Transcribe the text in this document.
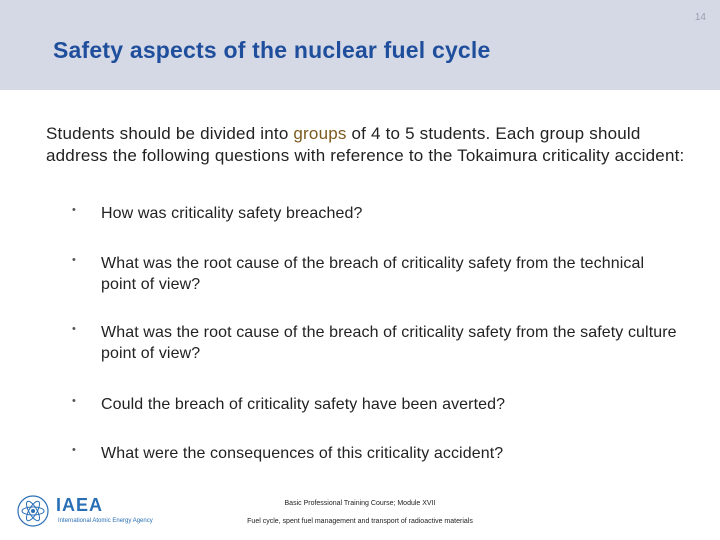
14
Safety aspects of the nuclear fuel cycle
Students should be divided into groups of 4 to 5 students. Each group should address the following questions with reference to the Tokaimura criticality accident:
• How was criticality safety breached?
• What was the root cause of the breach of criticality safety from the technical point of view?
• What was the root cause of the breach of criticality safety from the safety culture point of view?
• Could the breach of criticality safety have been averted?
• What were the consequences of this criticality accident?
IAEA
International Atomic Energy Agency
Basic Professional Training Course; Module XVII
Fuel cycle, spent fuel management and transport of radioactive materials
